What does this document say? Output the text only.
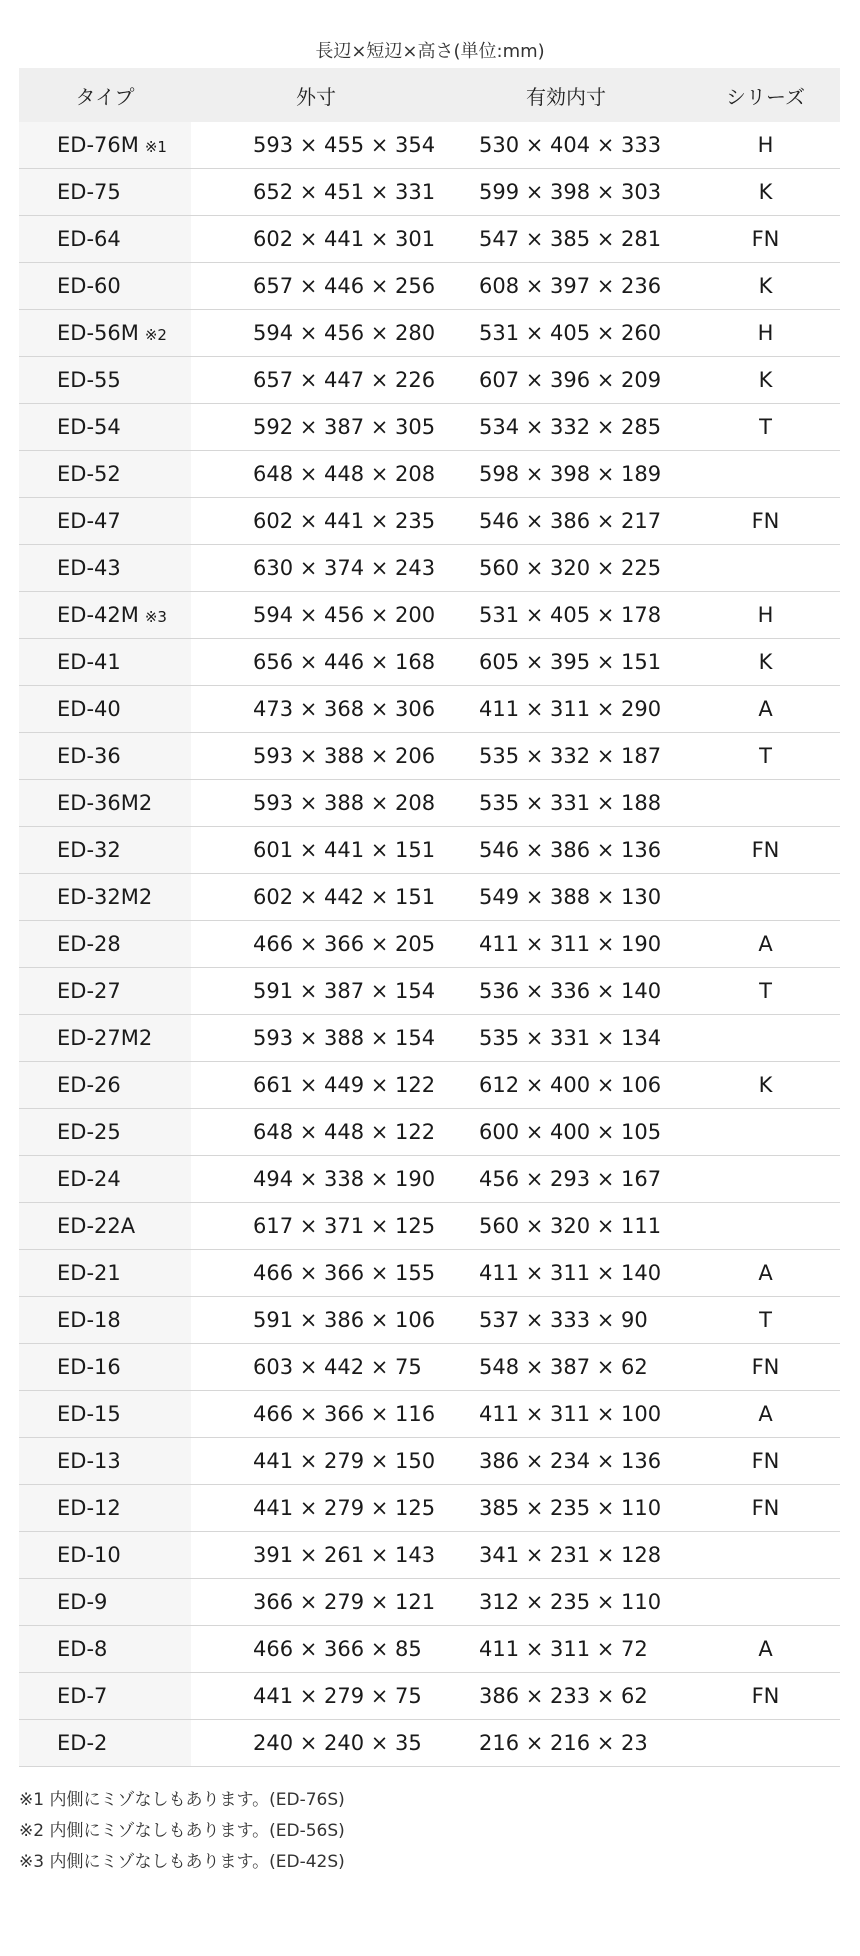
長辺×短辺×高さ(単位:mm)
タイプ	外寸	有効内寸	シリーズ
ED-76M ※1	593 × 455 × 354	530 × 404 × 333	H
ED-75	652 × 451 × 331	599 × 398 × 303	K
ED-64	602 × 441 × 301	547 × 385 × 281	FN
ED-60	657 × 446 × 256	608 × 397 × 236	K
ED-56M ※2	594 × 456 × 280	531 × 405 × 260	H
ED-55	657 × 447 × 226	607 × 396 × 209	K
ED-54	592 × 387 × 305	534 × 332 × 285	T
ED-52	648 × 448 × 208	598 × 398 × 189	
ED-47	602 × 441 × 235	546 × 386 × 217	FN
ED-43	630 × 374 × 243	560 × 320 × 225	
ED-42M ※3	594 × 456 × 200	531 × 405 × 178	H
ED-41	656 × 446 × 168	605 × 395 × 151	K
ED-40	473 × 368 × 306	411 × 311 × 290	A
ED-36	593 × 388 × 206	535 × 332 × 187	T
ED-36M2	593 × 388 × 208	535 × 331 × 188	
ED-32	601 × 441 × 151	546 × 386 × 136	FN
ED-32M2	602 × 442 × 151	549 × 388 × 130	
ED-28	466 × 366 × 205	411 × 311 × 190	A
ED-27	591 × 387 × 154	536 × 336 × 140	T
ED-27M2	593 × 388 × 154	535 × 331 × 134	
ED-26	661 × 449 × 122	612 × 400 × 106	K
ED-25	648 × 448 × 122	600 × 400 × 105	
ED-24	494 × 338 × 190	456 × 293 × 167	
ED-22A	617 × 371 × 125	560 × 320 × 111	
ED-21	466 × 366 × 155	411 × 311 × 140	A
ED-18	591 × 386 × 106	537 × 333 × 90	T
ED-16	603 × 442 × 75	548 × 387 × 62	FN
ED-15	466 × 366 × 116	411 × 311 × 100	A
ED-13	441 × 279 × 150	386 × 234 × 136	FN
ED-12	441 × 279 × 125	385 × 235 × 110	FN
ED-10	391 × 261 × 143	341 × 231 × 128	
ED-9	366 × 279 × 121	312 × 235 × 110	
ED-8	466 × 366 × 85	411 × 311 × 72	A
ED-7	441 × 279 × 75	386 × 233 × 62	FN
ED-2	240 × 240 × 35	216 × 216 × 23	
※1 内側にミゾなしもあります。(ED-76S)
※2 内側にミゾなしもあります。(ED-56S)
※3 内側にミゾなしもあります。(ED-42S)
